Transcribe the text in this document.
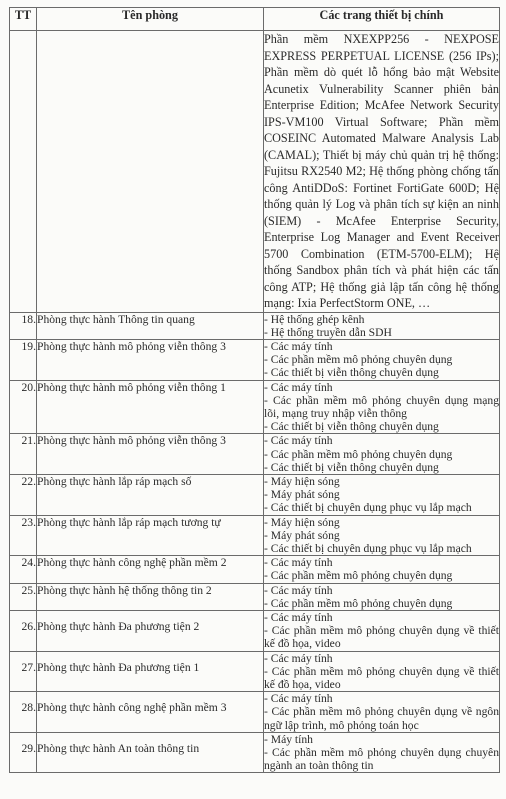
TT	Tên phòng	Các trang thiết bị chính

		Phần mềm NXEXPP256 - NEXPOSE EXPRESS PERPETUAL LICENSE (256 IPs); Phần mềm dò quét lỗ hổng bảo mật Website Acunetix Vulnerability Scanner phiên bản Enterprise Edition; McAfee Network Security IPS-VM100 Virtual Software; Phần mềm COSEINC Automated Malware Analysis Lab (CAMAL); Thiết bị máy chủ quản trị hệ thống: Fujitsu RX2540 M2; Hệ thống phòng chống tấn công AntiDDoS: Fortinet FortiGate 600D; Hệ thống quản lý Log và phân tích sự kiện an ninh (SIEM) - McAfee Enterprise Security, Enterprise Log Manager and Event Receiver 5700 Combination (ETM-5700-ELM); Hệ thống Sandbox phân tích và phát hiện các tấn công ATP; Hệ thống giả lập tấn công hệ thống mạng: Ixia PerfectStorm ONE, …

18.	Phòng thực hành Thông tin quang	- Hệ thống ghép kênh
- Hệ thống truyền dẫn SDH

19.	Phòng thực hành mô phỏng viễn thông 3	- Các máy tính
- Các phần mềm mô phỏng chuyên dụng
- Các thiết bị viễn thông chuyên dụng

20.	Phòng thực hành mô phỏng viễn thông 1	- Các máy tính
- Các phần mềm mô phỏng chuyên dụng mạng lõi, mạng truy nhập viễn thông
- Các thiết bị viễn thông chuyên dụng

21.	Phòng thực hành mô phỏng viễn thông 3	- Các máy tính
- Các phần mềm mô phỏng chuyên dụng
- Các thiết bị viễn thông chuyên dụng

22.	Phòng thực hành lắp ráp mạch số	- Máy hiện sóng
- Máy phát sóng
- Các thiết bị chuyên dụng phục vụ lắp mạch

23.	Phòng thực hành lắp ráp mạch tương tự	- Máy hiện sóng
- Máy phát sóng
- Các thiết bị chuyên dụng phục vụ lắp mạch

24.	Phòng thực hành công nghệ phần mềm 2	- Các máy tính
- Các phần mềm mô phỏng chuyên dụng

25.	Phòng thực hành hệ thống thông tin 2	- Các máy tính
- Các phần mềm mô phỏng chuyên dụng

26.	Phòng thực hành Đa phương tiện 2	- Các máy tính
- Các phần mềm mô phỏng chuyên dụng về thiết kế đồ họa, video

27.	Phòng thực hành Đa phương tiện 1	- Các máy tính
- Các phần mềm mô phỏng chuyên dụng về thiết kế đồ họa, video

28.	Phòng thực hành công nghệ phần mềm 3	- Các máy tính
- Các phần mềm mô phỏng chuyên dụng về ngôn ngữ lập trình, mô phỏng toán học

29.	Phòng thực hành An toàn thông tin	- Máy tính
- Các phần mềm mô phỏng chuyên dụng chuyên ngành an toàn thông tin
